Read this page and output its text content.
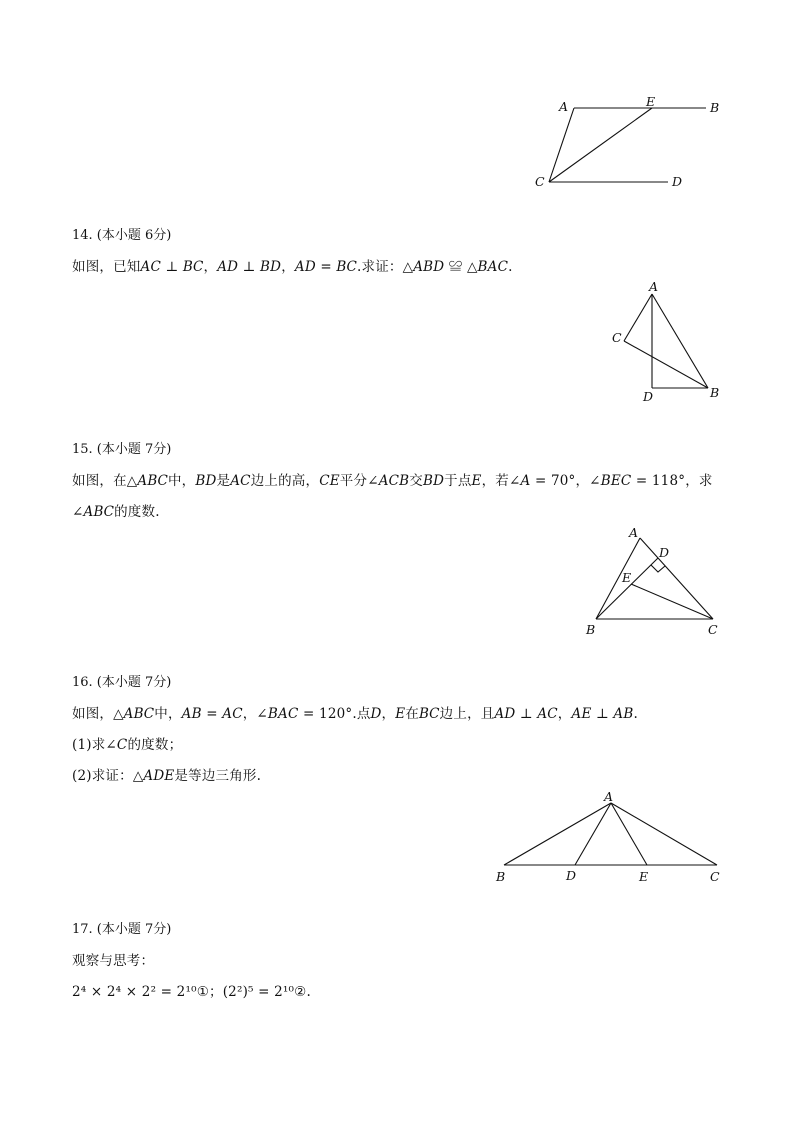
A	E	B
C	D
14. (本小题 6分)
如图，已知𝐴𝐶 ⊥ 𝐵𝐶，𝐴𝐷 ⊥ 𝐵𝐷，𝐴𝐷 = 𝐵𝐶.求证：△𝐴𝐵𝐷 ≌ △𝐵𝐴𝐶.
A
C
D	B
15. (本小题 7分)
如图，在△𝐴𝐵𝐶中，𝐵𝐷是𝐴𝐶边上的高，𝐶𝐸平分∠𝐴𝐶𝐵交𝐵𝐷于点𝐸，若∠𝐴 = 70°，∠𝐵𝐸𝐶 = 118°，求
∠𝐴𝐵𝐶的度数.
A
D
E
B	C
16. (本小题 7分)
如图，△𝐴𝐵𝐶中，𝐴𝐵 = 𝐴𝐶，∠𝐵𝐴𝐶 = 120°.点𝐷，𝐸在𝐵𝐶边上，且𝐴𝐷 ⊥ 𝐴𝐶，𝐴𝐸 ⊥ 𝐴𝐵.
(1)求∠𝐶的度数；
(2)求证：△𝐴𝐷𝐸是等边三角形.
A
B	D	E	C
17. (本小题 7分)
观察与思考：
2⁴ × 2⁴ × 2² = 2¹⁰①；(2²)⁵ = 2¹⁰②.
